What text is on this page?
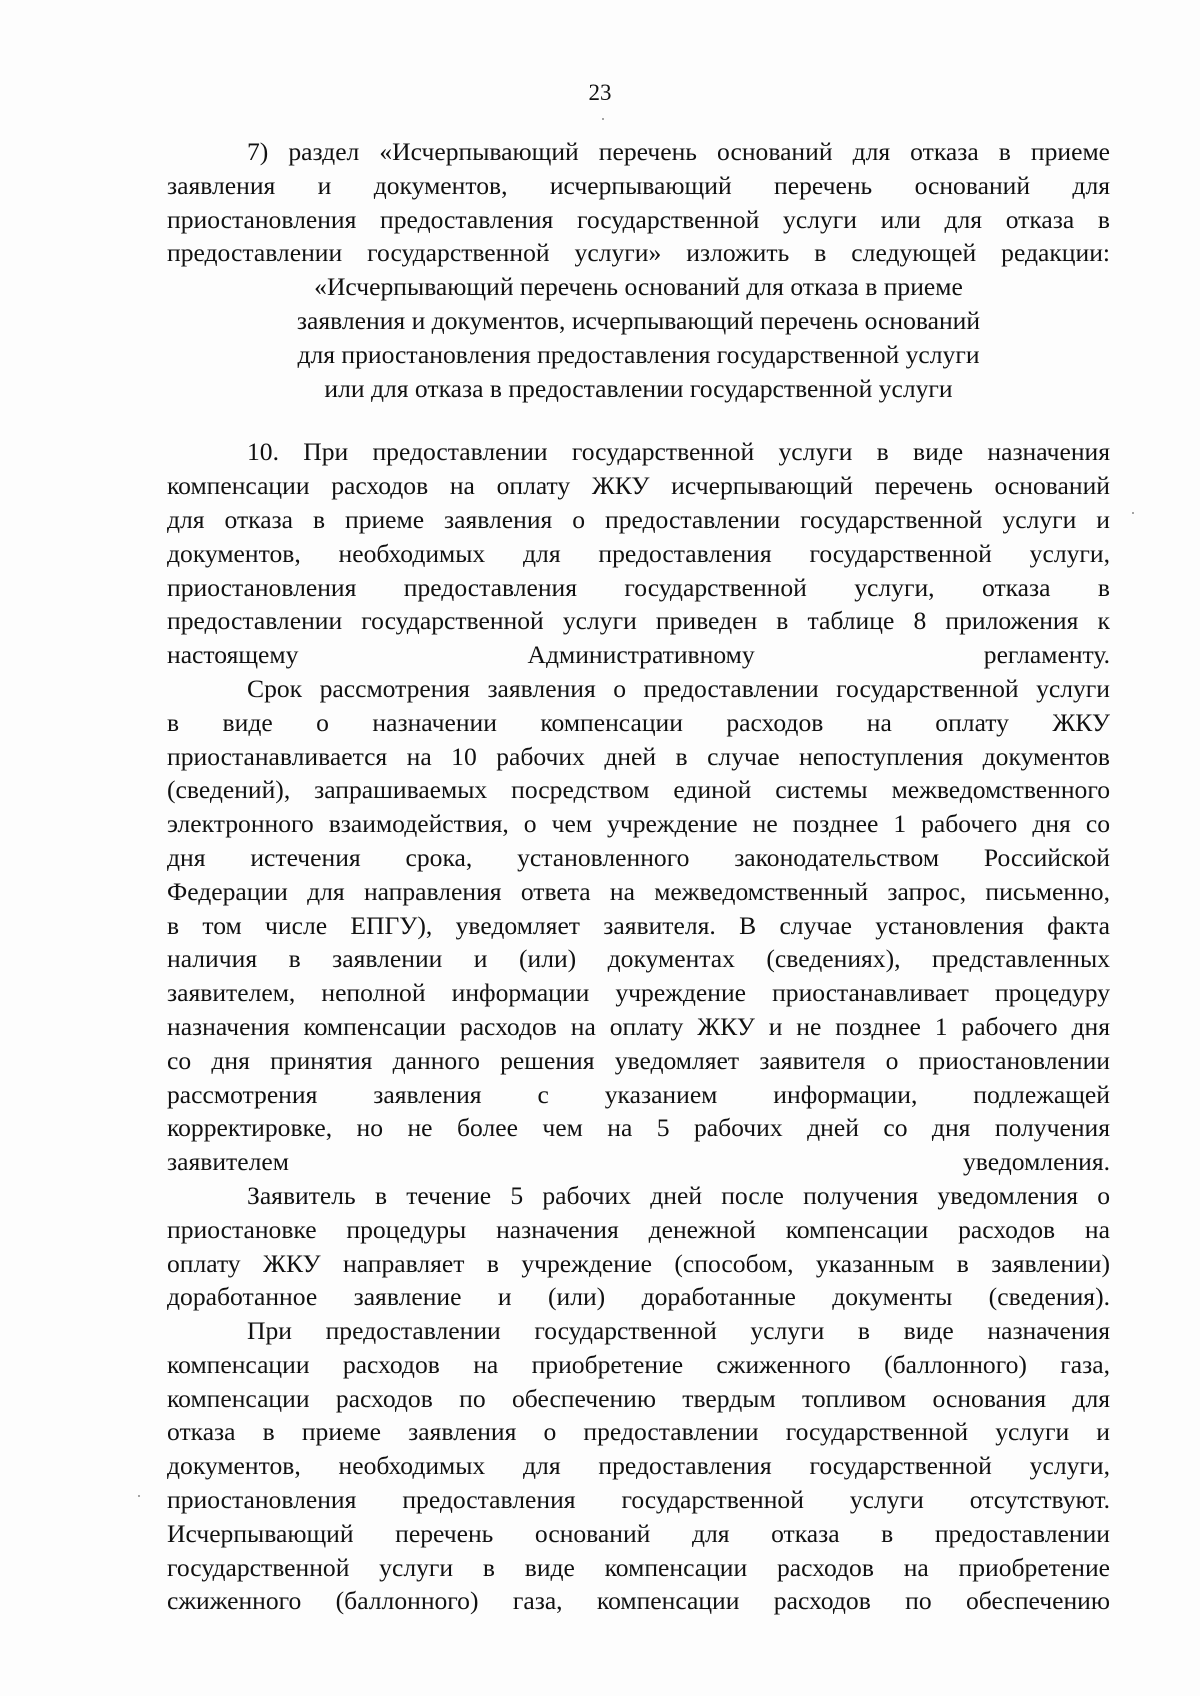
23

7) раздел «Исчерпывающий перечень оснований для отказа в приеме

заявления и документов, исчерпывающий перечень оснований для

приостановления предоставления государственной услуги или для отказа в

предоставлении государственной услуги» изложить в следующей редакции:

«Исчерпывающий перечень оснований для отказа в приеме

заявления и документов, исчерпывающий перечень оснований

для приостановления предоставления государственной услуги

или для отказа в предоставлении государственной услуги

10. При предоставлении государственной услуги в виде назначения

компенсации расходов на оплату ЖКУ исчерпывающий перечень оснований

для отказа в приеме заявления о предоставлении государственной услуги и

документов, необходимых для предоставления государственной услуги,

приостановления предоставления государственной услуги, отказа в

предоставлении государственной услуги приведен в таблице 8 приложения к

настоящему Административному регламенту.

Срок рассмотрения заявления о предоставлении государственной услуги

в виде о назначении компенсации расходов на оплату ЖКУ

приостанавливается на 10 рабочих дней в случае непоступления документов

(сведений), запрашиваемых посредством единой системы межведомственного

электронного взаимодействия, о чем учреждение не позднее 1 рабочего дня со

дня истечения срока, установленного законодательством Российской

Федерации для направления ответа на межведомственный запрос, письменно,

в том числе ЕПГУ), уведомляет заявителя. В случае установления факта

наличия в заявлении и (или) документах (сведениях), представленных

заявителем, неполной информации учреждение приостанавливает процедуру

назначения компенсации расходов на оплату ЖКУ и не позднее 1 рабочего дня

со дня принятия данного решения уведомляет заявителя о приостановлении

рассмотрения заявления с указанием информации, подлежащей

корректировке, но не более чем на 5 рабочих дней со дня получения

заявителем уведомления.

Заявитель в течение 5 рабочих дней после получения уведомления о

приостановке процедуры назначения денежной компенсации расходов на

оплату ЖКУ направляет в учреждение (способом, указанным в заявлении)

доработанное заявление и (или) доработанные документы (сведения).

При предоставлении государственной услуги в виде назначения

компенсации расходов на приобретение сжиженного (баллонного) газа,

компенсации расходов по обеспечению твердым топливом основания для

отказа в приеме заявления о предоставлении государственной услуги и

документов, необходимых для предоставления государственной услуги,

приостановления предоставления государственной услуги отсутствуют.

Исчерпывающий перечень оснований для отказа в предоставлении

государственной услуги в виде компенсации расходов на приобретение

сжиженного (баллонного) газа, компенсации расходов по обеспечению
